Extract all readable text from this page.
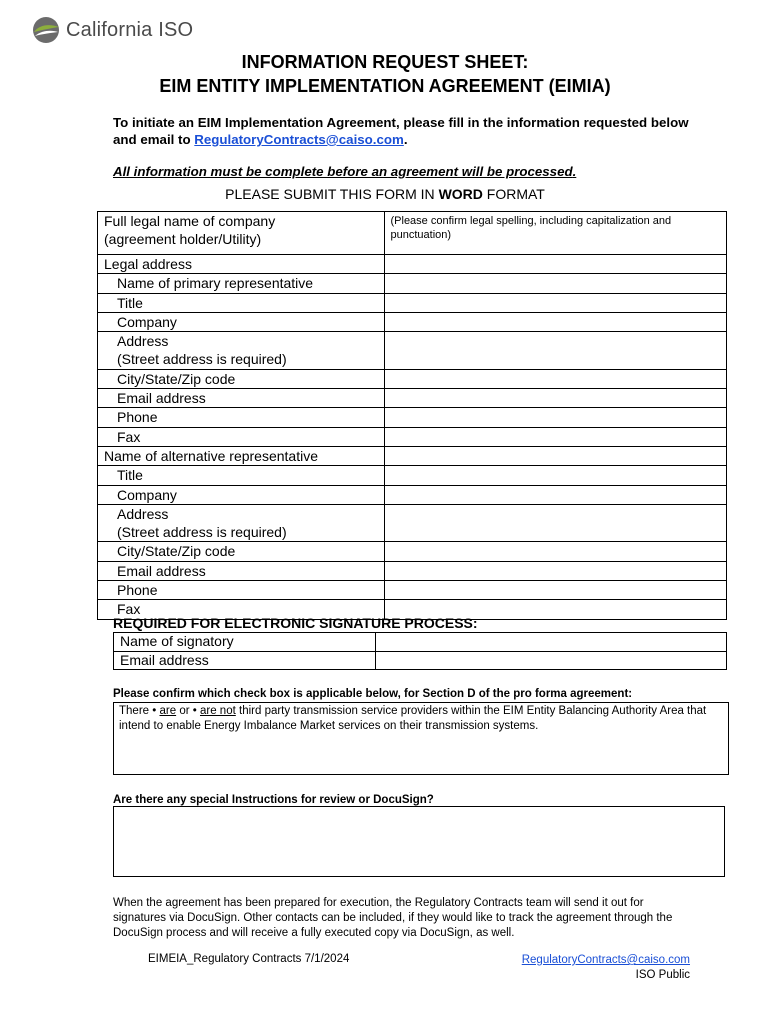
California ISO
INFORMATION REQUEST SHEET:
EIM ENTITY IMPLEMENTATION AGREEMENT (EIMIA)
To initiate an EIM Implementation Agreement, please fill in the information requested below and email to RegulatoryContracts@caiso.com.
All information must be complete before an agreement will be processed.
PLEASE SUBMIT THIS FORM IN WORD FORMAT
Full legal name of company
(agreement holder/Utility)	(Please confirm legal spelling, including capitalization and punctuation)

Legal address	
Name of primary representative	
Title	
Company	
Address
(Street address is required)	
City/State/Zip code	
Email address	
Phone	
Fax	
Name of alternative representative	
Title	
Company	
Address
(Street address is required)	
City/State/Zip code	
Email address	
Phone	
Fax	
REQUIRED FOR ELECTRONIC SIGNATURE PROCESS:
Name of signatory	
Email address	
Please confirm which check box is applicable below, for Section D of the pro forma agreement:
There • are or • are not third party transmission service providers within the EIM Entity Balancing Authority Area that intend to enable Energy Imbalance Market services on their transmission systems.
Are there any special Instructions for review or DocuSign?
When the agreement has been prepared for execution, the Regulatory Contracts team will send it out for signatures via DocuSign. Other contacts can be included, if they would like to track the agreement through the DocuSign process and will receive a fully executed copy via DocuSign, as well.
EIMEIA_Regulatory Contracts 7/1/2024	RegulatoryContracts@caiso.com
ISO Public
